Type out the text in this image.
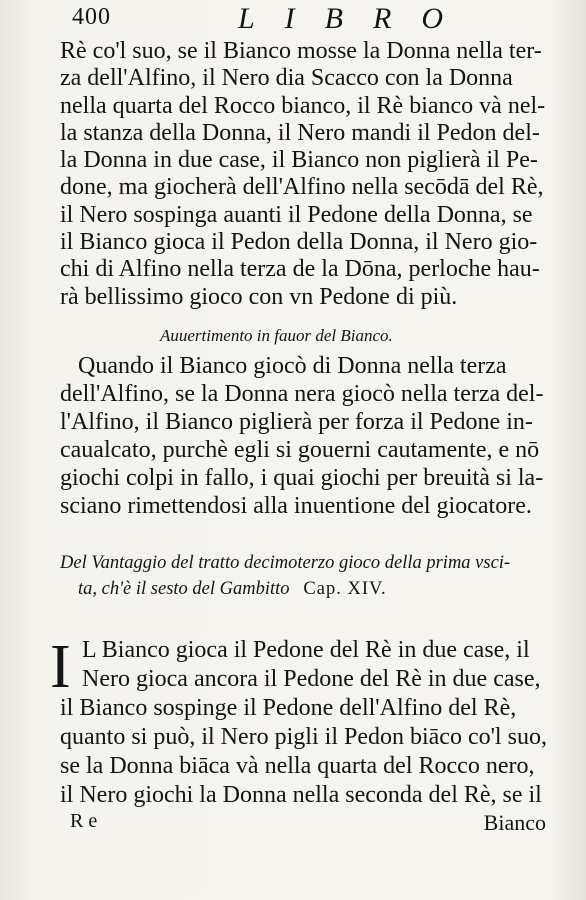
400	LIBRO
Rè co'l suo, se il Bianco mosse la Donna nella ter-
za dell'Alfino, il Nero dia Scacco con la Donna
nella quarta del Rocco bianco, il Rè bianco và nel-
la stanza della Donna, il Nero mandi il Pedon del-
la Donna in due case, il Bianco non piglierà il Pe-
done, ma giocherà dell'Alfino nella secōdā del Rè,
il Nero sospinga auanti il Pedone della Donna, se
il Bianco gioca il Pedon della Donna, il Nero gio-
chi di Alfino nella terza de la Dōna, perloche hau-
rà bellissimo gioco con vn Pedone di più.
Auuertimento in fauor del Bianco.
Quando il Bianco giocò di Donna nella terza
dell'Alfino, se la Donna nera giocò nella terza del-
l'Alfino, il Bianco piglierà per forza il Pedone in-
caualcato, purchè egli si gouerni cautamente, e nō
giochi colpi in fallo, i quai giochi per breuità si la-
sciano rimettendosi alla inuentione del giocatore.
Del Vantaggio del tratto decimoterzo gioco della prima vsci-
ta, ch'è il sesto del Gambitto Cap. XIV.
I L Bianco gioca il Pedone del Rè in due case, il
Nero gioca ancora il Pedone del Rè in due case,
il Bianco sospinge il Pedone dell'Alfino del Rè,
quanto si può, il Nero pigli il Pedon biāco co'l suo,
se la Donna biāca và nella quarta del Rocco nero,
il Nero giochi la Donna nella seconda del Rè, se il
R e	Bianco
